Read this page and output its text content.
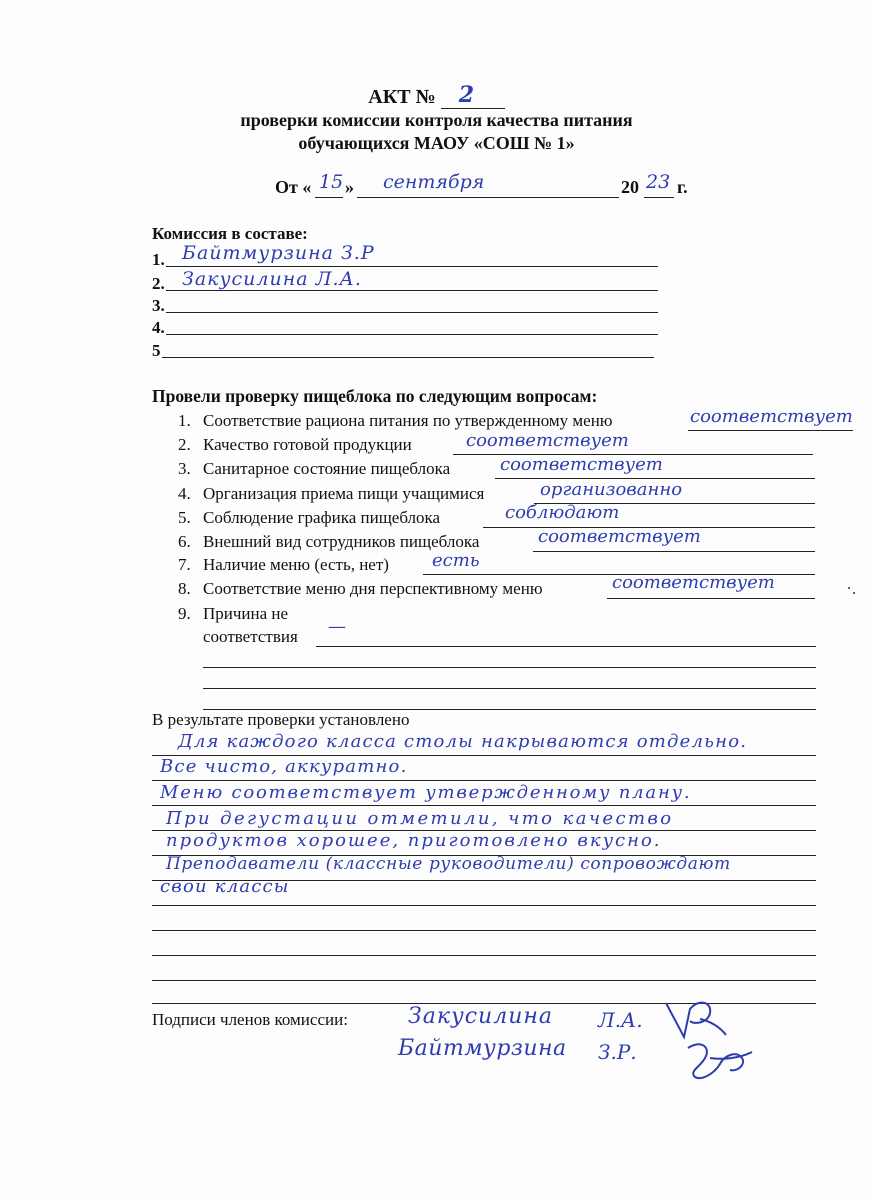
АКТ № 2
проверки комиссии контроля качества питания
обучающихся МАОУ «СОШ № 1»
От « 15 » сентября	20 23 г.
Комиссия в составе:
1. Байтмурзина З.Р
2. Закусилина Л.А.
3.
4.
5
Провели проверку пищеблока по следующим вопросам:
1. Соответствие рациона питания по утвержденному меню	соответствует
2. Качество готовой продукции	соответствует
3. Санитарное состояние пищеблока	соответствует
4. Организация приема пищи учащимися	организованно
5. Соблюдение графика пищеблока	соблюдают
6. Внешний вид сотрудников пищеблока	соответствует
7. Наличие меню (есть, нет) есть
8. Соответствие меню дня перспективному меню	соответствует
9. Причина не
соответствия —
В результате проверки установлено
Для каждого класса столы накрываются отдельно.
Все чисто, аккуратно.
Меню соответствует утвержденному плану.
При дегустации отметили, что качество
продуктов хорошее, приготовлено вкусно.
Преподаватели (классные руководители) сопровождают
свои классы
Подписи членов комиссии:	Закусилина Л.А.
Байтмурзина З.Р.
